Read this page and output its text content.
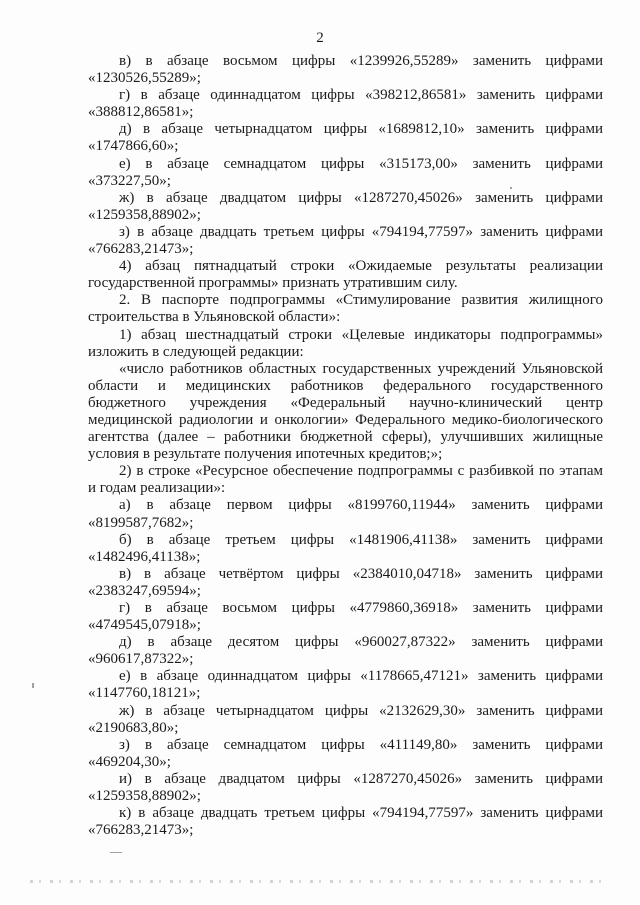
2

в) в абзаце восьмом цифры «1239926,55289» заменить цифрами «1230526,55289»;

г) в абзаце одиннадцатом цифры «398212,86581» заменить цифрами «388812,86581»;

д) в абзаце четырнадцатом цифры «1689812,10» заменить цифрами «1747866,60»;

е) в абзаце семнадцатом цифры «315173,00» заменить цифрами «373227,50»;

ж) в абзаце двадцатом цифры «1287270,45026» заменить цифрами «1259358,88902»;

з) в абзаце двадцать третьем цифры «794194,77597» заменить цифрами «766283,21473»;

4) абзац пятнадцатый строки «Ожидаемые результаты реализации государственной программы» признать утратившим силу.

2. В паспорте подпрограммы «Стимулирование развития жилищного строительства в Ульяновской области»:

1) абзац шестнадцатый строки «Целевые индикаторы подпрограммы» изложить в следующей редакции:

«число работников областных государственных учреждений Ульяновской области и медицинских работников федерального государственного бюджетного учреждения «Федеральный научно-клинический центр медицинской радиологии и онкологии» Федерального медико-биологического агентства (далее – работники бюджетной сферы), улучшивших жилищные условия в результате получения ипотечных кредитов;»;

2) в строке «Ресурсное обеспечение подпрограммы с разбивкой по этапам и годам реализации»:

а) в абзаце первом цифры «8199760,11944» заменить цифрами «8199587,7682»;

б) в абзаце третьем цифры «1481906,41138» заменить цифрами «1482496,41138»;

в) в абзаце четвёртом цифры «2384010,04718» заменить цифрами «2383247,69594»;

г) в абзаце восьмом цифры «4779860,36918» заменить цифрами «4749545,07918»;

д) в абзаце десятом цифры «960027,87322» заменить цифрами «960617,87322»;

е) в абзаце одиннадцатом цифры «1178665,47121» заменить цифрами «1147760,18121»;

ж) в абзаце четырнадцатом цифры «2132629,30» заменить цифрами «2190683,80»;

з) в абзаце семнадцатом цифры «411149,80» заменить цифрами «469204,30»;

и) в абзаце двадцатом цифры «1287270,45026» заменить цифрами «1259358,88902»;

к) в абзаце двадцать третьем цифры «794194,77597» заменить цифрами «766283,21473»;
